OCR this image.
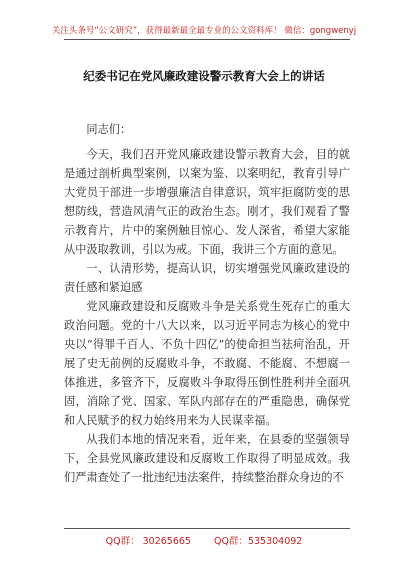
关注头条号“公文研究”，获得最新最全最专业的公文资料库！ 微信：gongwenyj
纪委书记在党风廉政建设警示教育大会上的讲话

同志们：

今天，我们召开党风廉政建设警示教育大会，目的就是通过剖析典型案例，以案为鉴、以案明纪，教育引导广大党员干部进一步增强廉洁自律意识，筑牢拒腐防变的思想防线，营造风清气正的政治生态。刚才，我们观看了警示教育片，片中的案例触目惊心、发人深省，希望大家能从中汲取教训，引以为戒。下面，我讲三个方面的意见。

一、认清形势，提高认识，切实增强党风廉政建设的责任感和紧迫感

党风廉政建设和反腐败斗争是关系党生死存亡的重大政治问题。党的十八大以来，以习近平同志为核心的党中央以“得罪千百人、不负十四亿”的使命担当祛疴治乱，开展了史无前例的反腐败斗争，不敢腐、不能腐、不想腐一体推进，多管齐下，反腐败斗争取得压倒性胜利并全面巩固，消除了党、国家、军队内部存在的严重隐患，确保党和人民赋予的权力始终用来为人民谋幸福。

从我们本地的情况来看，近年来，在县委的坚强领导下，全县党风廉政建设和反腐败工作取得了明显成效。我们严肃查处了一批违纪违法案件，持续整治群众身边的不

QQ群： 30265665 QQ群：535304092
